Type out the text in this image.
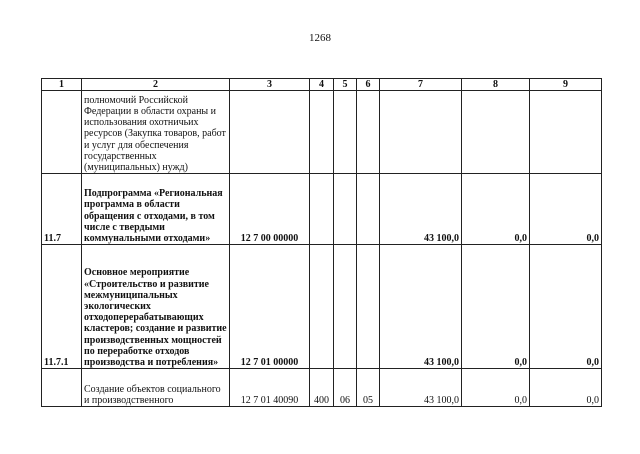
1268
1	2	3	4	5	6	7	8	9
	полномочий Российской Федерации в области охраны и использования охотничьих ресурсов (Закупка товаров, работ и услуг для обеспечения государственных (муниципальных) нужд)							
11.7	Подпрограмма «Региональная программа в области обращения с отходами, в том числе с твердыми коммунальными отходами»	12 7 00 00000				43 100,0	0,0	0,0
11.7.1	Основное мероприятие «Строительство и развитие межмуниципальных экологических отходоперерабатывающих кластеров; создание и развитие производственных мощностей по переработке отходов производства и потребления»	12 7 01 00000				43 100,0	0,0	0,0
	Создание объектов социального и производственного	12 7 01 40090	400	06	05	43 100,0	0,0	0,0
